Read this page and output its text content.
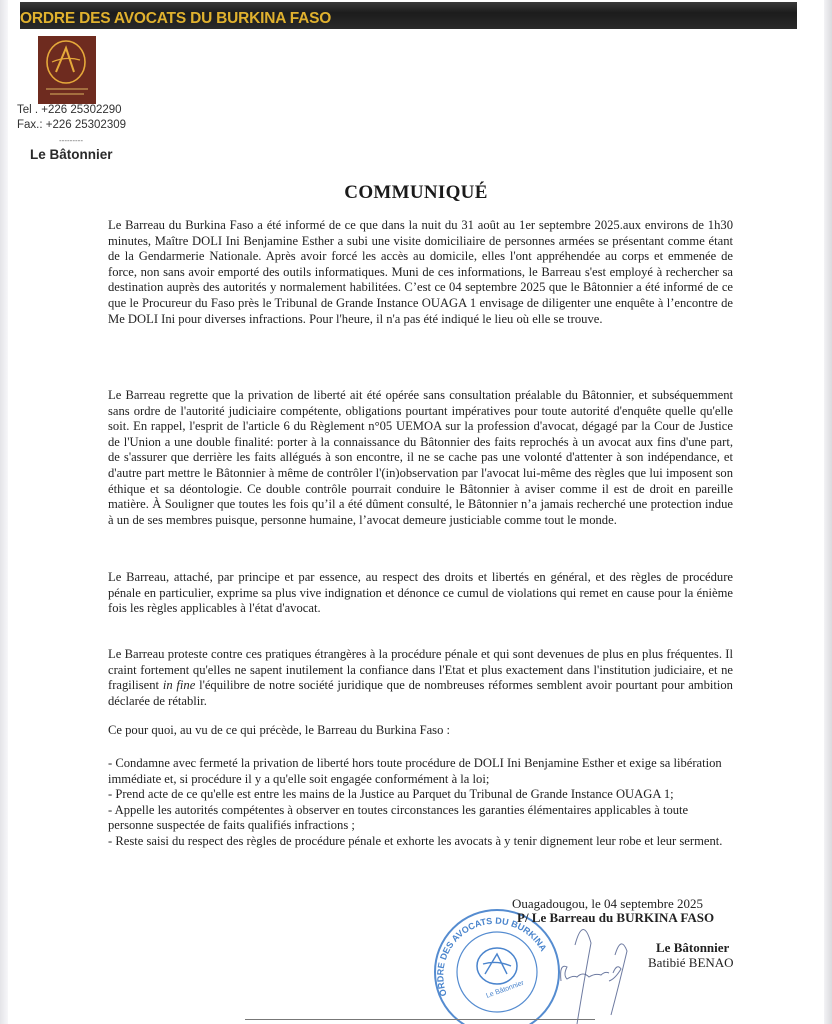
ORDRE DES AVOCATS DU BURKINA FASO
Tel . +226 25302290
Fax.: +226 25302309
---------
Le Bâtonnier
COMMUNIQUÉ
Le Barreau du Burkina Faso a été informé de ce que dans la nuit du 31 août au 1er septembre 2025.aux environs de 1h30 minutes, Maître DOLI Ini Benjamine Esther a subi une visite domiciliaire de personnes armées se présentant comme étant de la Gendarmerie Nationale. Après avoir forcé les accès au domicile, elles l'ont appréhendée au corps et emmenée de force, non sans avoir emporté des outils informatiques. Muni de ces informations, le Barreau s'est employé à rechercher sa destination auprès des autorités y normalement habilitées. C’est ce 04 septembre 2025 que le Bâtonnier a été informé de ce que le Procureur du Faso près le Tribunal de Grande Instance OUAGA 1 envisage de diligenter une enquête à l’encontre de Me DOLI Ini pour diverses infractions. Pour l'heure, il n'a pas été indiqué le lieu où elle se trouve.
Le Barreau regrette que la privation de liberté ait été opérée sans consultation préalable du Bâtonnier, et subséquemment sans ordre de l'autorité judiciaire compétente, obligations pourtant impératives pour toute autorité d'enquête quelle qu'elle soit. En rappel, l'esprit de l'article 6 du Règlement n°05 UEMOA sur la profession d'avocat, dégagé par la Cour de Justice de l'Union a une double finalité: porter à la connaissance du Bâtonnier des faits reprochés à un avocat aux fins d'une part, de s'assurer que derrière les faits allégués à son encontre, il ne se cache pas une volonté d'attenter à son indépendance, et d'autre part mettre le Bâtonnier à même de contrôler l'(in)observation par l'avocat lui-même des règles que lui imposent son éthique et sa déontologie. Ce double contrôle pourrait conduire le Bâtonnier à aviser comme il est de droit en pareille matière. À Souligner que toutes les fois qu’il a été dûment consulté, le Bâtonnier n’a jamais recherché une protection indue à un de ses membres puisque, personne humaine, l’avocat demeure justiciable comme tout le monde.
Le Barreau, attaché, par principe et par essence, au respect des droits et libertés en général, et des règles de procédure pénale en particulier, exprime sa plus vive indignation et dénonce ce cumul de violations qui remet en cause pour la énième fois les règles applicables à l'état d'avocat.
Le Barreau proteste contre ces pratiques étrangères à la procédure pénale et qui sont devenues de plus en plus fréquentes. Il craint fortement qu'elles ne sapent inutilement la confiance dans l'Etat et plus exactement dans l'institution judiciaire, et ne fragilisent in fine l'équilibre de notre société juridique que de nombreuses réformes semblent avoir pourtant pour ambition déclarée de rétablir.
Ce pour quoi, au vu de ce qui précède, le Barreau du Burkina Faso :
- Condamne avec fermeté la privation de liberté hors toute procédure de DOLI Ini Benjamine Esther et exige sa libération immédiate et, si procédure il y a qu'elle soit engagée conformément à la loi;
- Prend acte de ce qu'elle est entre les mains de la Justice au Parquet du Tribunal de Grande Instance OUAGA 1;
- Appelle les autorités compétentes à observer en toutes circonstances les garanties élémentaires applicables à toute personne suspectée de faits qualifiés infractions ;
- Reste saisi du respect des règles de procédure pénale et exhorte les avocats à y tenir dignement leur robe et leur serment.
ORDRE DES AVOCATS DU BURKINA
Le Bâtonnier
Ouagadougou, le 04 septembre 2025
P/ Le Barreau du BURKINA FASO
Le Bâtonnier
Batibié BENAO
